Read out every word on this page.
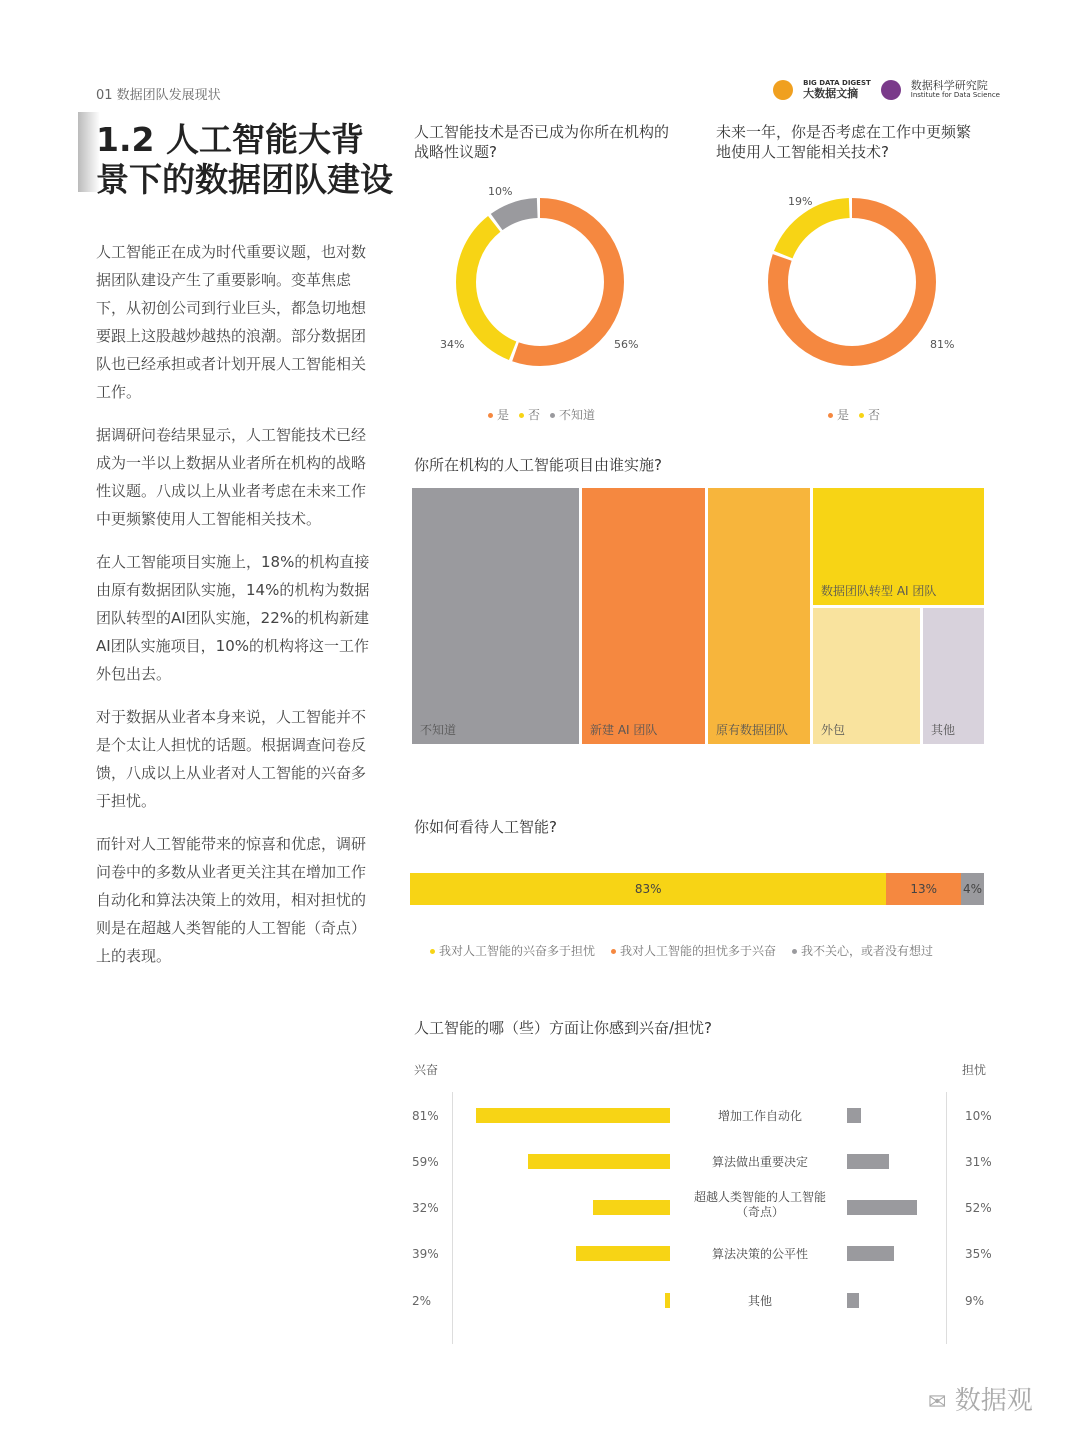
01 数据团队发展现状
BIG DATA DIGEST
大数据文摘
数据科学研究院
Institute for Data Science
1.2 人工智能大背景下的数据团队建设

人工智能正在成为时代重要议题，也对数据团队建设产生了重要影响。变革焦虑下，从初创公司到行业巨头，都急切地想要跟上这股越炒越热的浪潮。部分数据团队也已经承担或者计划开展人工智能相关工作。

据调研问卷结果显示，人工智能技术已经成为一半以上数据从业者所在机构的战略性议题。八成以上从业者考虑在未来工作中更频繁使用人工智能相关技术。

在人工智能项目实施上，18%的机构直接由原有数据团队实施，14%的机构为数据团队转型的AI团队实施，22%的机构新建AI团队实施项目，10%的机构将这一工作外包出去。

对于数据从业者本身来说，人工智能并不是个太让人担忧的话题。根据调查问卷反馈，八成以上从业者对人工智能的兴奋多于担忧。

而针对人工智能带来的惊喜和优虑，调研问卷中的多数从业者更关注其在增加工作自动化和算法决策上的效用，相对担忧的则是在超越人类智能的人工智能（奇点）上的表现。

人工智能技术是否已成为你所在机构的战略性议题?
10%
34%	56%
是	否	不知道
未来一年，你是否考虑在工作中更频繁地使用人工智能相关技术?
19%
81%
是	否
你所在机构的人工智能项目由谁实施?
不知道	新建 AI 团队	原有数据团队
数据团队转型 AI 团队
外包	其他
你如何看待人工智能?
83%	13% 4%
我对人工智能的兴奋多于担忧	我对人工智能的担忧多于兴奋	我不关心，或者没有想过
人工智能的哪（些）方面让你感到兴奋/担忧?
兴奋	担忧
81%	10%
增加工作自动化
59%	31%
算法做出重要决定
32%	52%
超越人类智能的人工智能（奇点）
39%	35%
算法决策的公平性
2%	9%
其他
✉ 数据观
